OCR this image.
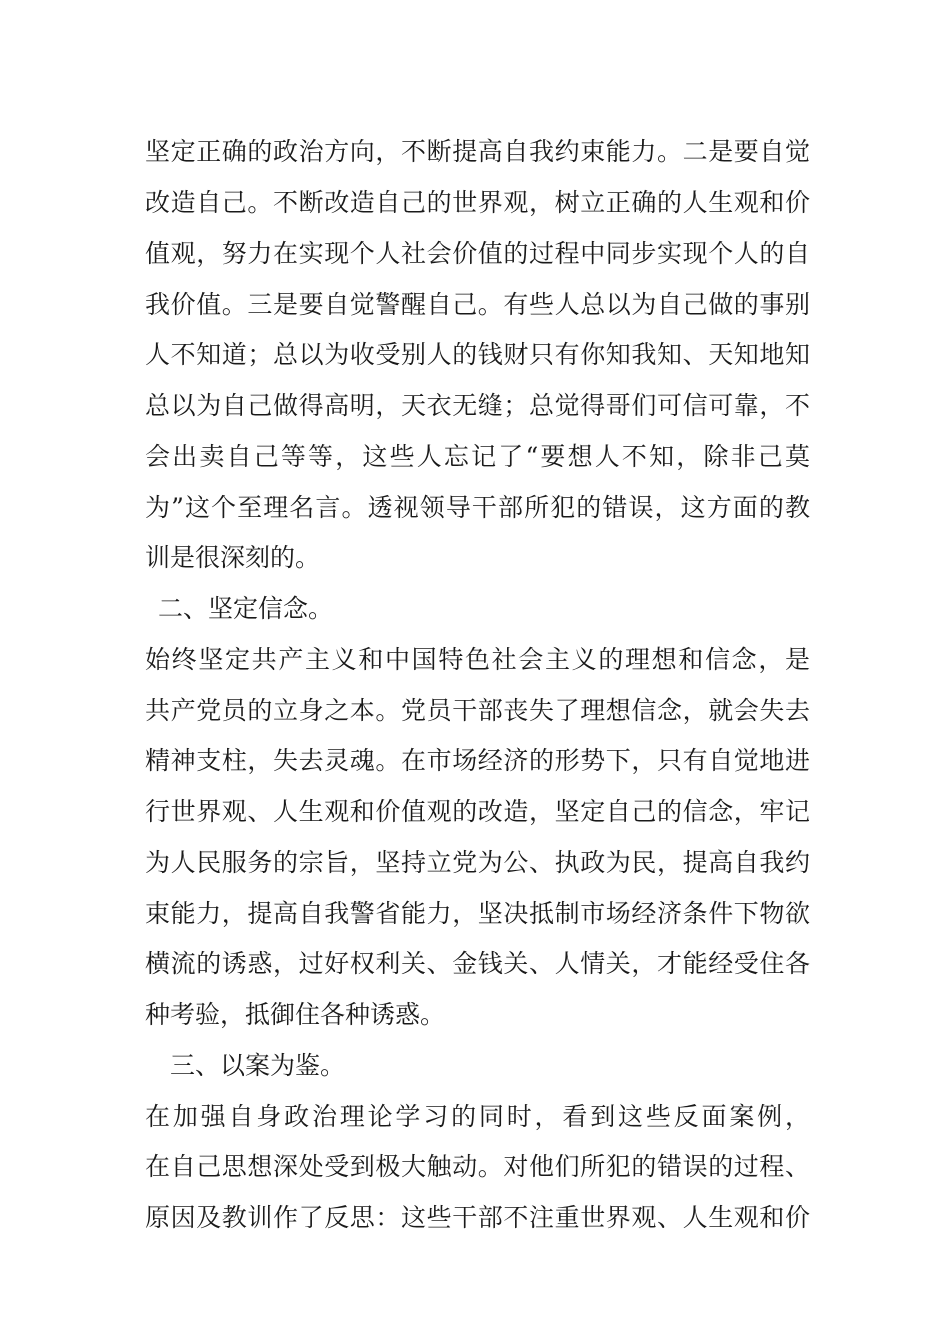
坚定正确的政治方向，不断提高自我约束能力。二是要自觉
改造自己。不断改造自己的世界观，树立正确的人生观和价
值观，努力在实现个人社会价值的过程中同步实现个人的自
我价值。三是要自觉警醒自己。有些人总以为自己做的事别
人不知道；总以为收受别人的钱财只有你知我知、天知地知
总以为自己做得高明，天衣无缝；总觉得哥们可信可靠，不
会出卖自己等等，这些人忘记了“要想人不知，除非己莫
为”这个至理名言。透视领导干部所犯的错误，这方面的教
训是很深刻的。
二、坚定信念。
始终坚定共产主义和中国特色社会主义的理想和信念，是
共产党员的立身之本。党员干部丧失了理想信念，就会失去
精神支柱，失去灵魂。在市场经济的形势下，只有自觉地进
行世界观、人生观和价值观的改造，坚定自己的信念，牢记
为人民服务的宗旨，坚持立党为公、执政为民，提高自我约
束能力，提高自我警省能力，坚决抵制市场经济条件下物欲
横流的诱惑，过好权利关、金钱关、人情关，才能经受住各
种考验，抵御住各种诱惑。
三、以案为鉴。
在加强自身政治理论学习的同时，看到这些反面案例，
在自己思想深处受到极大触动。对他们所犯的错误的过程、
原因及教训作了反思：这些干部不注重世界观、人生观和价
